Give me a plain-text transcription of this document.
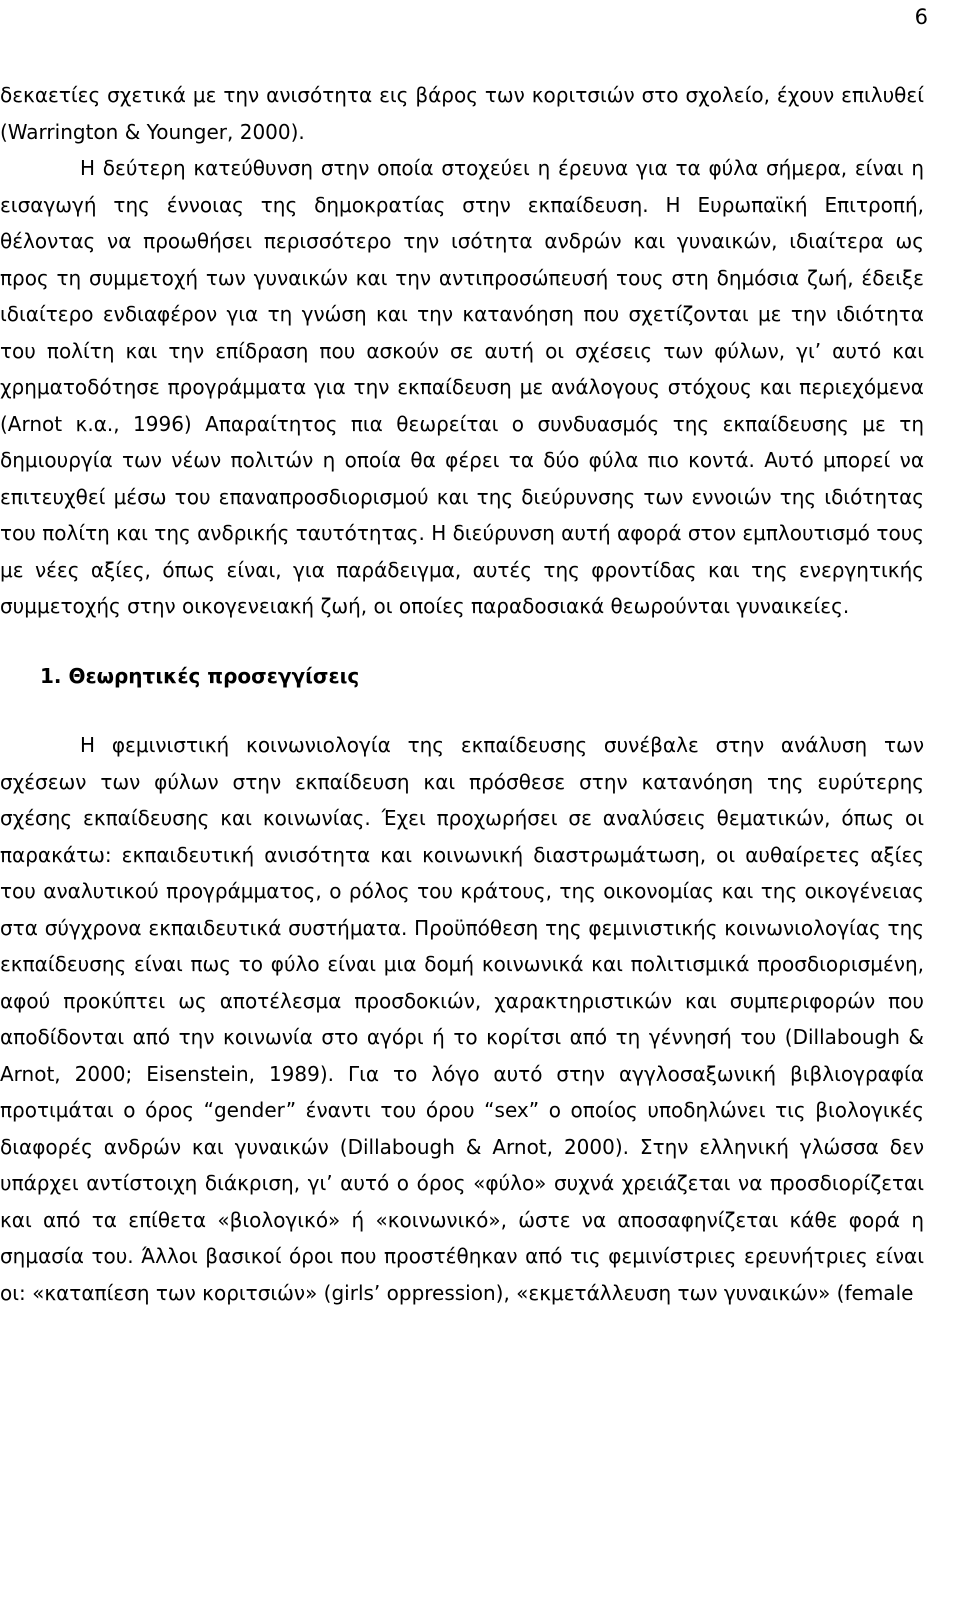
6

δεκαετίες σχετικά με την ανισότητα εις βάρος των κοριτσιών στο σχολείο, έχουν επιλυθεί (Warrington & Younger, 2000).

Η δεύτερη κατεύθυνση στην οποία στοχεύει η έρευνα για τα φύλα σήμερα, είναι η εισαγωγή της έννοιας της δημοκρατίας στην εκπαίδευση. Η Ευρωπαϊκή Επιτροπή, θέλοντας να προωθήσει περισσότερο την ισότητα ανδρών και γυναικών, ιδιαίτερα ως προς τη συμμετοχή των γυναικών και την αντιπροσώπευσή τους στη δημόσια ζωή, έδειξε ιδιαίτερο ενδιαφέρον για τη γνώση και την κατανόηση που σχετίζονται με την ιδιότητα του πολίτη και την επίδραση που ασκούν σε αυτή οι σχέσεις των φύλων, γι’ αυτό και χρηματοδότησε προγράμματα για την εκπαίδευση με ανάλογους στόχους και περιεχόμενα (Arnot κ.α., 1996) Απαραίτητος πια θεωρείται ο συνδυασμός της εκπαίδευσης με τη δημιουργία των νέων πολιτών η οποία θα φέρει τα δύο φύλα πιο κοντά. Αυτό μπορεί να επιτευχθεί μέσω του επαναπροσδιορισμού και της διεύρυνσης των εννοιών της ιδιότητας του πολίτη και της ανδρικής ταυτότητας. Η διεύρυνση αυτή αφορά στον εμπλουτισμό τους με νέες αξίες, όπως είναι, για παράδειγμα, αυτές της φροντίδας και της ενεργητικής συμμετοχής στην οικογενειακή ζωή, οι οποίες παραδοσιακά θεωρούνται γυναικείες.

1. Θεωρητικές προσεγγίσεις

Η φεμινιστική κοινωνιολογία της εκπαίδευσης συνέβαλε στην ανάλυση των σχέσεων των φύλων στην εκπαίδευση και πρόσθεσε στην κατανόηση της ευρύτερης σχέσης εκπαίδευσης και κοινωνίας. Έχει προχωρήσει σε αναλύσεις θεματικών, όπως οι παρακάτω: εκπαιδευτική ανισότητα και κοινωνική διαστρωμάτωση, οι αυθαίρετες αξίες του αναλυτικού προγράμματος, ο ρόλος του κράτους, της οικονομίας και της οικογένειας στα σύγχρονα εκπαιδευτικά συστήματα. Προϋπόθεση της φεμινιστικής κοινωνιολογίας της εκπαίδευσης είναι πως το φύλο είναι μια δομή κοινωνικά και πολιτισμικά προσδιορισμένη, αφού προκύπτει ως αποτέλεσμα προσδοκιών, χαρακτηριστικών και συμπεριφορών που αποδίδονται από την κοινωνία στο αγόρι ή το κορίτσι από τη γέννησή του (Dillabough & Arnot, 2000; Eisenstein, 1989). Για το λόγο αυτό στην αγγλοσαξωνική βιβλιογραφία προτιμάται ο όρος “gender” έναντι του όρου “sex” ο οποίος υποδηλώνει τις βιολογικές διαφορές ανδρών και γυναικών (Dillabough & Arnot, 2000). Στην ελληνική γλώσσα δεν υπάρχει αντίστοιχη διάκριση, γι’ αυτό ο όρος «φύλο» συχνά χρειάζεται να προσδιορίζεται και από τα επίθετα «βιολογικό» ή «κοινωνικό», ώστε να αποσαφηνίζεται κάθε φορά η σημασία του. Άλλοι βασικοί όροι που προστέθηκαν από τις φεμινίστριες ερευνήτριες είναι οι: «καταπίεση των κοριτσιών» (girls’ oppression), «εκμετάλλευση των γυναικών» (female
